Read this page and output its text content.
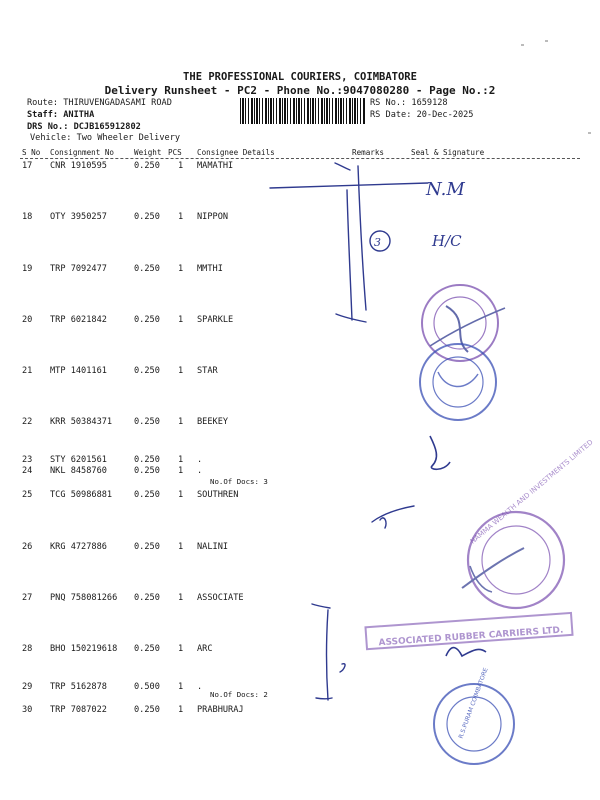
THE PROFESSIONAL COURIERS, COIMBATORE
Delivery Runsheet - PC2 - Phone No.:9047080280 - Page No.:2
Route: THIRUVENGADASAMI ROAD
Staff: ANITHA
DRS No.: DCJB165912802
Vehicle: Two Wheeler Delivery
RS No.: 1659128
RS Date: 20-Dec-2025
S No Consignment No	Weight PCS Consignee Details	Remarks	Seal & Signature
17 CNR 1910595	0.250 1 MAMATHI
18 OTY 3950257	0.250 1 NIPPON
19 TRP 7092477	0.250 1 MMTHI
20 TRP 6021842	0.250 1 SPARKLE
21 MTP 1401161	0.250 1 STAR
22 KRR 50384371	0.250 1 BEEKEY
23 STY 6201561	0.250 1 .
24 NKL 8458760	0.250 1 .
25 TCG 50986881	0.250 1 SOUTHREN
26 KRG 4727886	0.250 1 NALINI
27 PNQ 758081266 0.250 1 ASSOCIATE
28 BHO 150219618 0.250 1 ARC
29 TRP 5162878	0.500 1 .
30 TRP 7087022	0.250 1 PRABHURAJ
No.Of Docs: 3
No.Of Docs: 2
N.M
3	H/C
NAMMA WEALTH AND INVESTMENTS LIMITED
ASSOCIATED RUBBER CARRIERS LTD.
R.S.PURAM COIMBATORE
